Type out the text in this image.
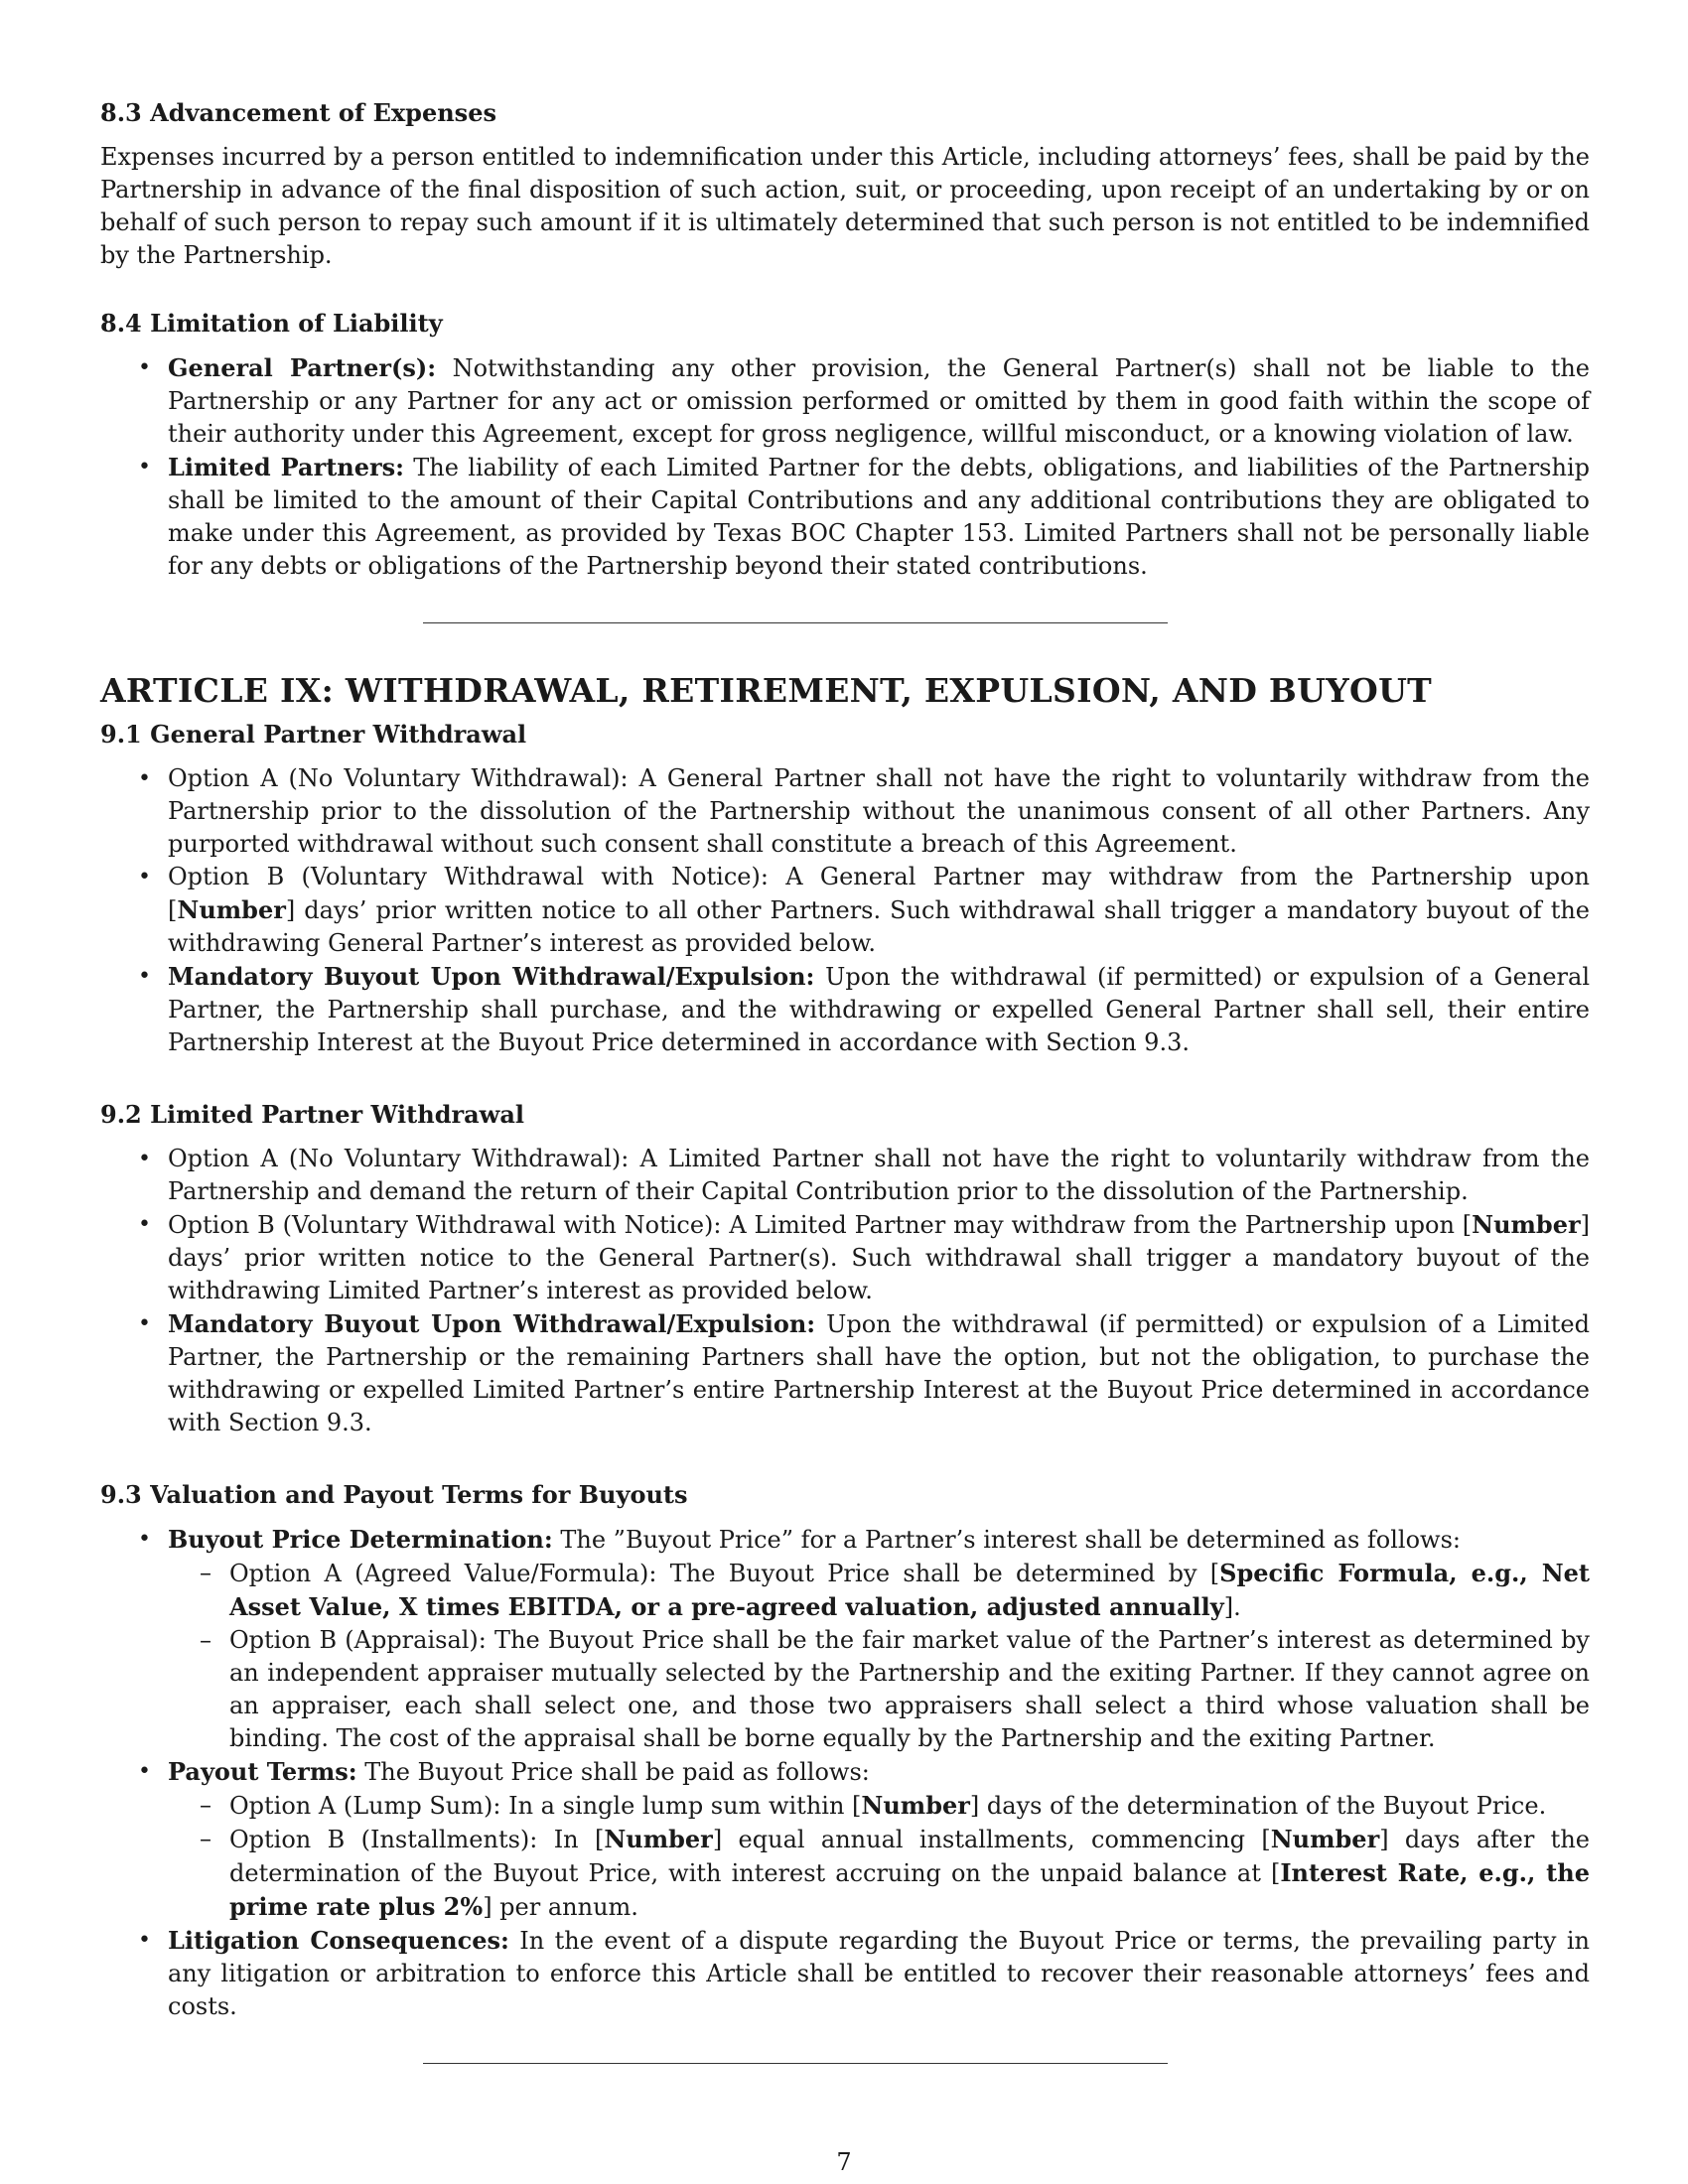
8.3 Advancement of Expenses

Expenses incurred by a person entitled to indemnification under this Article, including attorneys’ fees, shall be paid by the Partnership in advance of the final disposition of such action, suit, or proceeding, upon receipt of an undertaking by or on behalf of such person to repay such amount if it is ultimately determined that such person is not entitled to be indemnified by the Partnership.

8.4 Limitation of Liability
• General Partner(s): Notwithstanding any other provision, the General Partner(s) shall not be liable to the Partnership or any Partner for any act or omission performed or omitted by them in good faith within the scope of their authority under this Agreement, except for gross negligence, willful misconduct, or a knowing violation of law.
• Limited Partners: The liability of each Limited Partner for the debts, obligations, and liabilities of the Partnership shall be limited to the amount of their Capital Contributions and any additional contributions they are obligated to make under this Agreement, as provided by Texas BOC Chapter 153. Limited Partners shall not be personally liable for any debts or obligations of the Partnership beyond their stated contributions.
ARTICLE IX: WITHDRAWAL, RETIREMENT, EXPULSION, AND BUYOUT
9.1 General Partner Withdrawal
• Option A (No Voluntary Withdrawal): A General Partner shall not have the right to voluntarily withdraw from the Partnership prior to the dissolution of the Partnership without the unanimous consent of all other Partners. Any purported withdrawal without such consent shall constitute a breach of this Agreement.
• Option B (Voluntary Withdrawal with Notice): A General Partner may withdraw from the Partnership upon [Number] days’ prior written notice to all other Partners. Such withdrawal shall trigger a mandatory buyout of the withdrawing General Partner’s interest as provided below.
• Mandatory Buyout Upon Withdrawal/Expulsion: Upon the withdrawal (if permitted) or expulsion of a General Partner, the Partnership shall purchase, and the withdrawing or expelled General Partner shall sell, their entire Partnership Interest at the Buyout Price determined in accordance with Section 9.3.
9.2 Limited Partner Withdrawal
• Option A (No Voluntary Withdrawal): A Limited Partner shall not have the right to voluntarily withdraw from the Partnership and demand the return of their Capital Contribution prior to the dissolution of the Partnership.
• Option B (Voluntary Withdrawal with Notice): A Limited Partner may withdraw from the Partnership upon [Number] days’ prior written notice to the General Partner(s). Such withdrawal shall trigger a mandatory buyout of the withdrawing Limited Partner’s interest as provided below.
• Mandatory Buyout Upon Withdrawal/Expulsion: Upon the withdrawal (if permitted) or expulsion of a Limited Partner, the Partnership or the remaining Partners shall have the option, but not the obligation, to purchase the withdrawing or expelled Limited Partner’s entire Partnership Interest at the Buyout Price determined in accordance with Section 9.3.
9.3 Valuation and Payout Terms for Buyouts
• Buyout Price Determination: The ”Buyout Price” for a Partner’s interest shall be determined as follows:
– Option A (Agreed Value/Formula): The Buyout Price shall be determined by [Specific Formula, e.g., Net Asset Value, X times EBITDA, or a pre-agreed valuation, adjusted annually].
– Option B (Appraisal): The Buyout Price shall be the fair market value of the Partner’s interest as determined by an independent appraiser mutually selected by the Partnership and the exiting Partner. If they cannot agree on an appraiser, each shall select one, and those two appraisers shall select a third whose valuation shall be binding. The cost of the appraisal shall be borne equally by the Partnership and the exiting Partner.
• Payout Terms: The Buyout Price shall be paid as follows:
– Option A (Lump Sum): In a single lump sum within [Number] days of the determination of the Buyout Price.
– Option B (Installments): In [Number] equal annual installments, commencing [Number] days after the determination of the Buyout Price, with interest accruing on the unpaid balance at [Interest Rate, e.g., the prime rate plus 2%] per annum.
• Litigation Consequences: In the event of a dispute regarding the Buyout Price or terms, the prevailing party in any litigation or arbitration to enforce this Article shall be entitled to recover their reasonable attorneys’ fees and costs.
7
